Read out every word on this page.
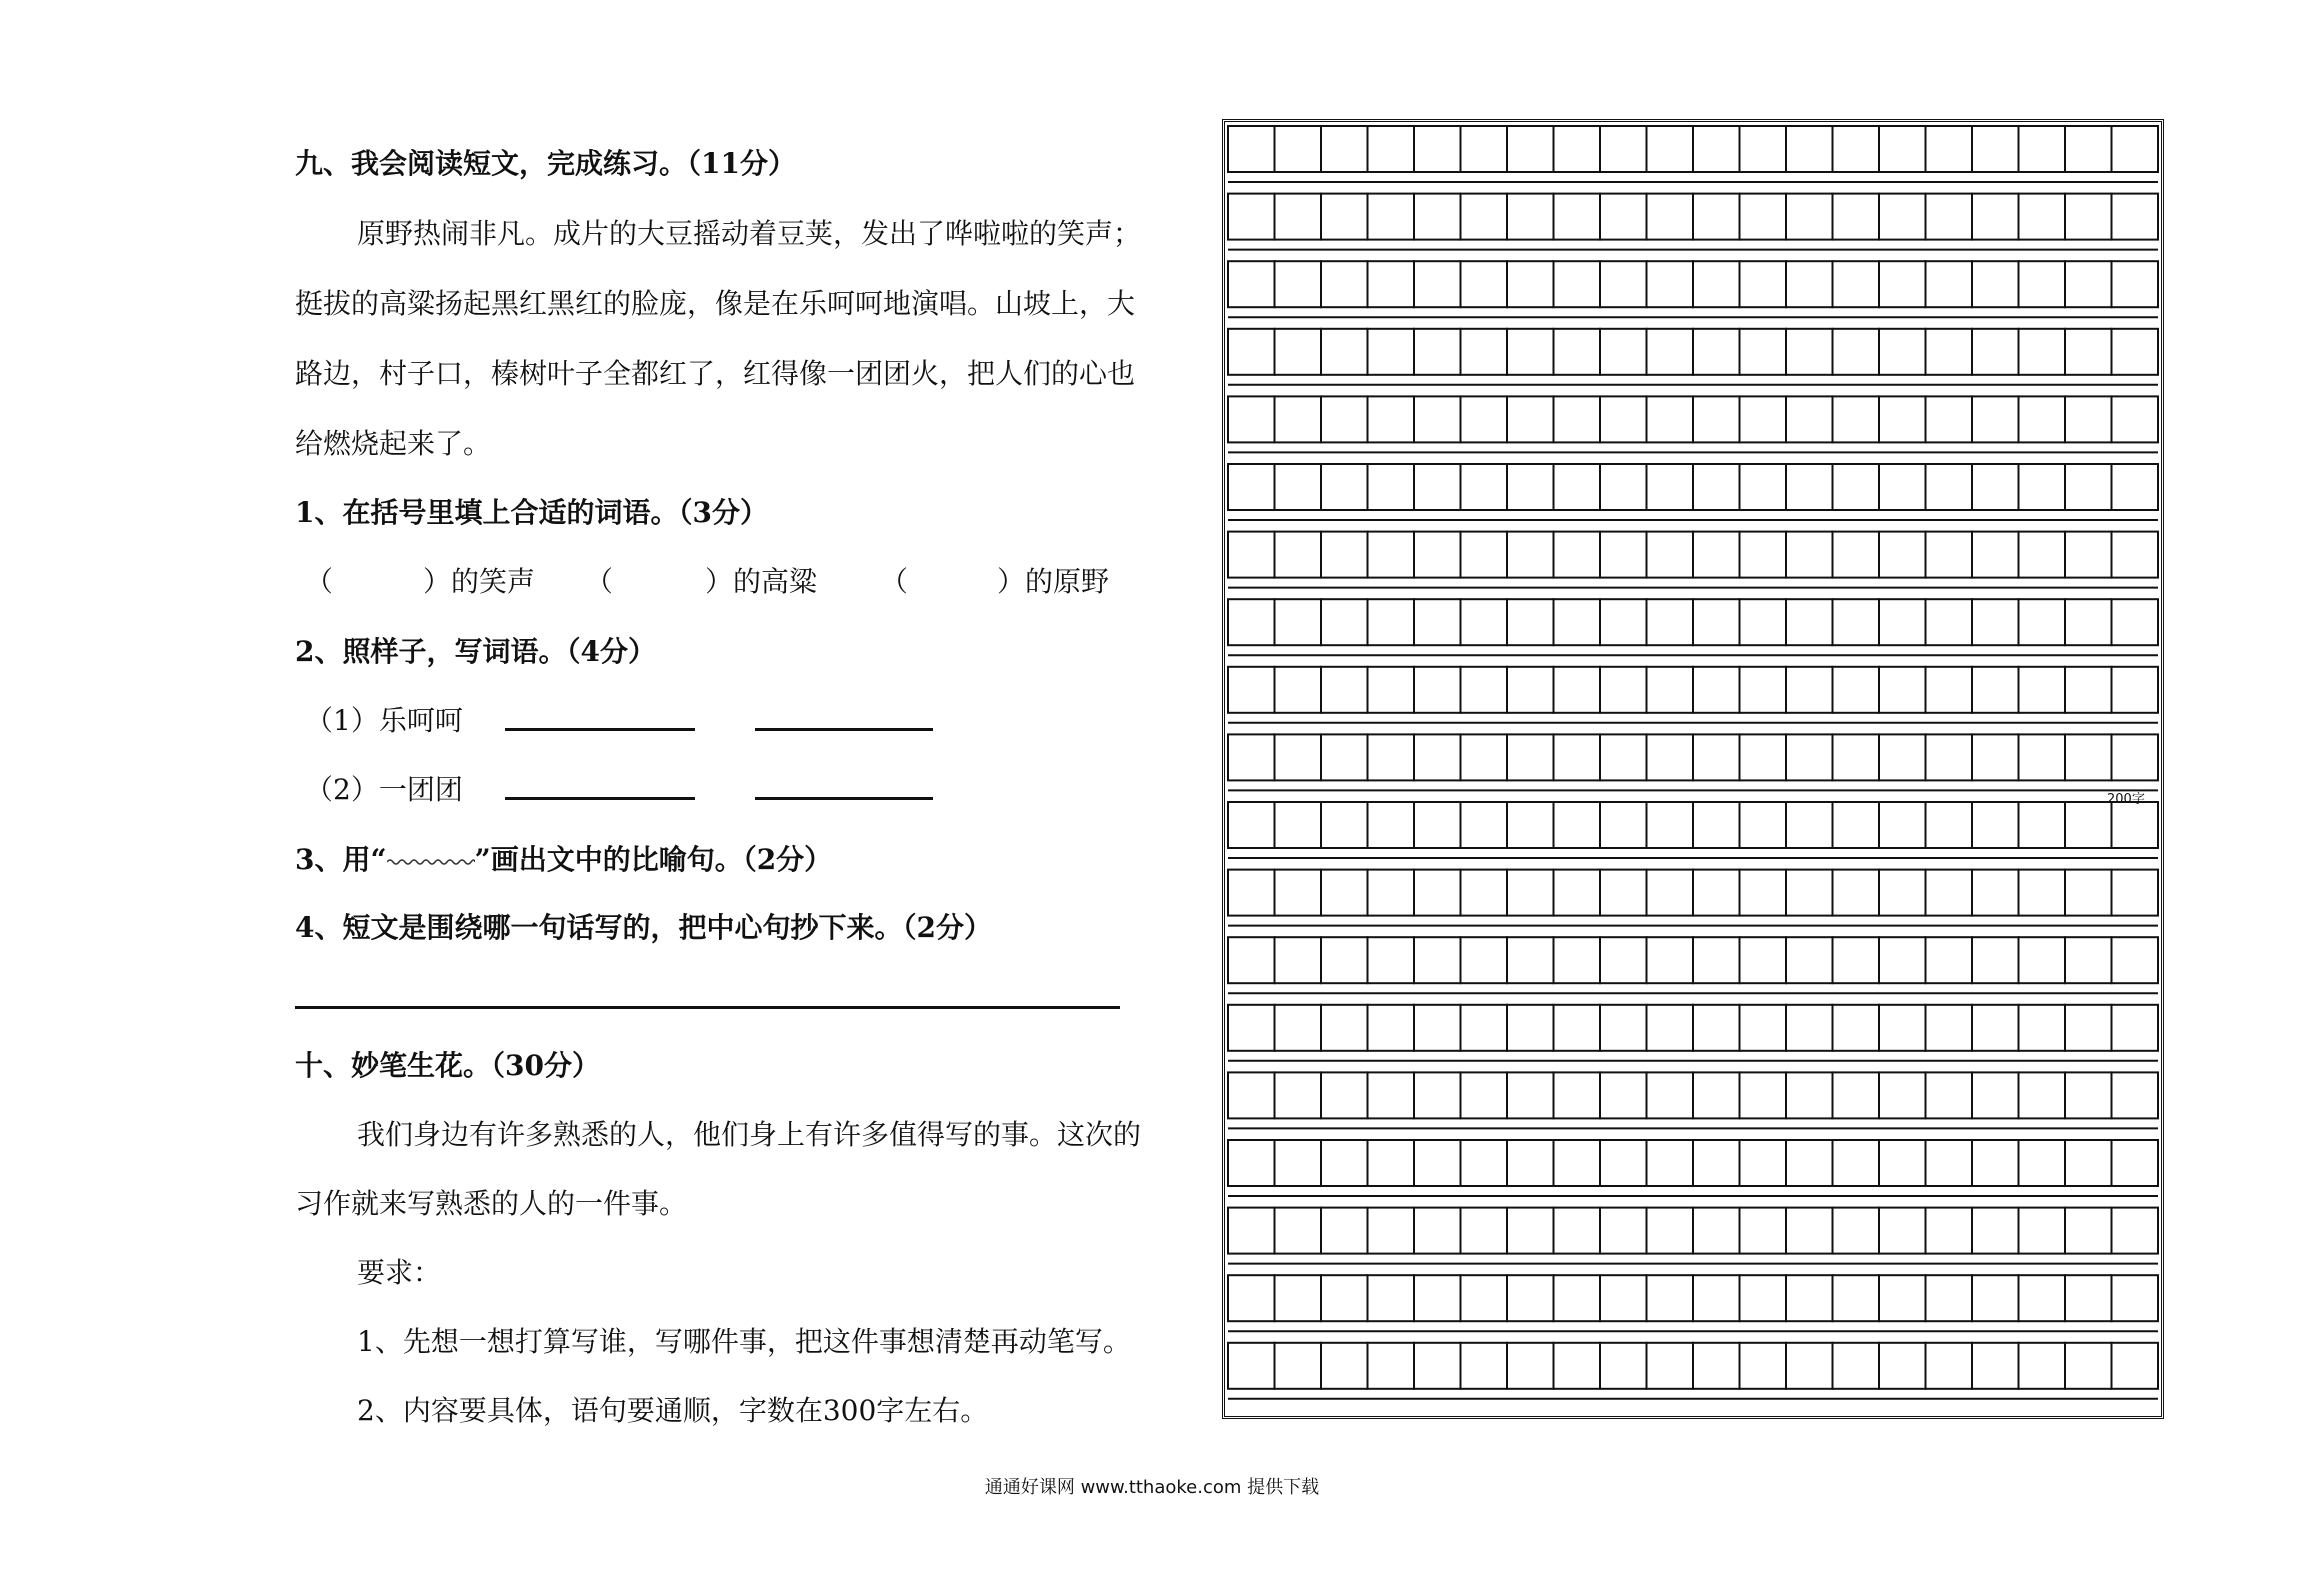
九、我会阅读短文，完成练习。（11分）
原野热闹非凡。成片的大豆摇动着豆荚，发出了哗啦啦的笑声；
挺拔的高粱扬起黑红黑红的脸庞，像是在乐呵呵地演唱。山坡上，大
路边，村子口，榛树叶子全都红了，红得像一团团火，把人们的心也
给燃烧起来了。
1、在括号里填上合适的词语。（3分）
（	）的笑声 （	）的高粱 （	）的原野
2、照样子，写词语。（4分）
（1）乐呵呵
（2）一团团
3、用“	”画出文中的比喻句。（2分）
4、短文是围绕哪一句话写的，把中心句抄下来。（2分）
十、妙笔生花。（30分）
我们身边有许多熟悉的人，他们身上有许多值得写的事。这次的
习作就来写熟悉的人的一件事。
要求：
1、先想一想打算写谁，写哪件事，把这件事想清楚再动笔写。
2、内容要具体，语句要通顺，字数在300字左右。
200字
通通好课网 www.tthaoke.com 提供下载
